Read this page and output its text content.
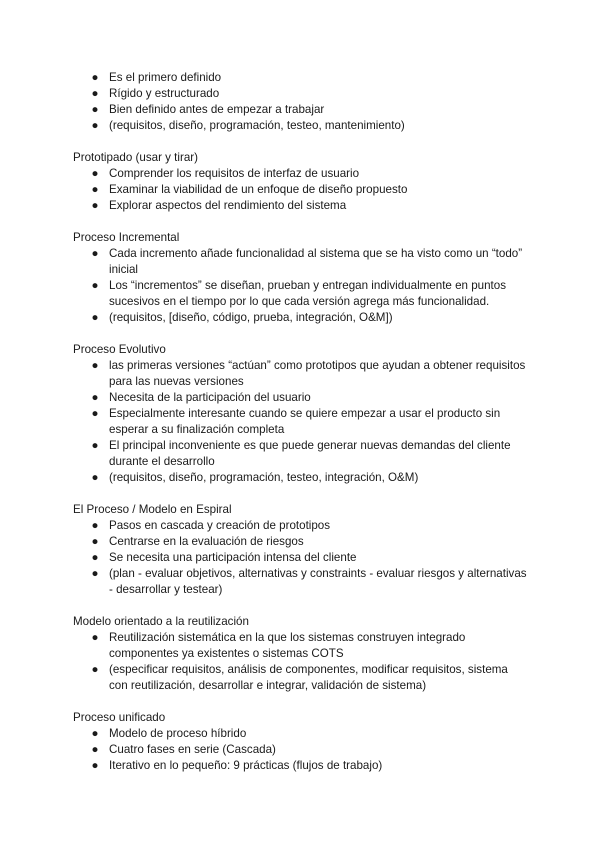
● Es el primero definido
● Rígido y estructurado
● Bien definido antes de empezar a trabajar
● (requisitos, diseño, programación, testeo, mantenimiento)
Prototipado (usar y tirar)
● Comprender los requisitos de interfaz de usuario
● Examinar la viabilidad de un enfoque de diseño propuesto
● Explorar aspectos del rendimiento del sistema
Proceso Incremental
● Cada incremento añade funcionalidad al sistema que se ha visto como un “todo” inicial
● Los “incrementos” se diseñan, prueban y entregan individualmente en puntos sucesivos en el tiempo por lo que cada versión agrega más funcionalidad.
● (requisitos, [diseño, código, prueba, integración, O&M])
Proceso Evolutivo
● las primeras versiones “actúan” como prototipos que ayudan a obtener requisitos para las nuevas versiones
● Necesita de la participación del usuario
● Especialmente interesante cuando se quiere empezar a usar el producto sin esperar a su finalización completa
● El principal inconveniente es que puede generar nuevas demandas del cliente durante el desarrollo
● (requisitos, diseño, programación, testeo, integración, O&M)
El Proceso / Modelo en Espiral
● Pasos en cascada y creación de prototipos
● Centrarse en la evaluación de riesgos
● Se necesita una participación intensa del cliente
● (plan - evaluar objetivos, alternativas y constraints - evaluar riesgos y alternativas - desarrollar y testear)
Modelo orientado a la reutilización
● Reutilización sistemática en la que los sistemas construyen integrado componentes ya existentes o sistemas COTS
● (especificar requisitos, análisis de componentes, modificar requisitos, sistema con reutilización, desarrollar e integrar, validación de sistema)
Proceso unificado
● Modelo de proceso híbrido
● Cuatro fases en serie (Cascada)
● Iterativo en lo pequeño: 9 prácticas (flujos de trabajo)
